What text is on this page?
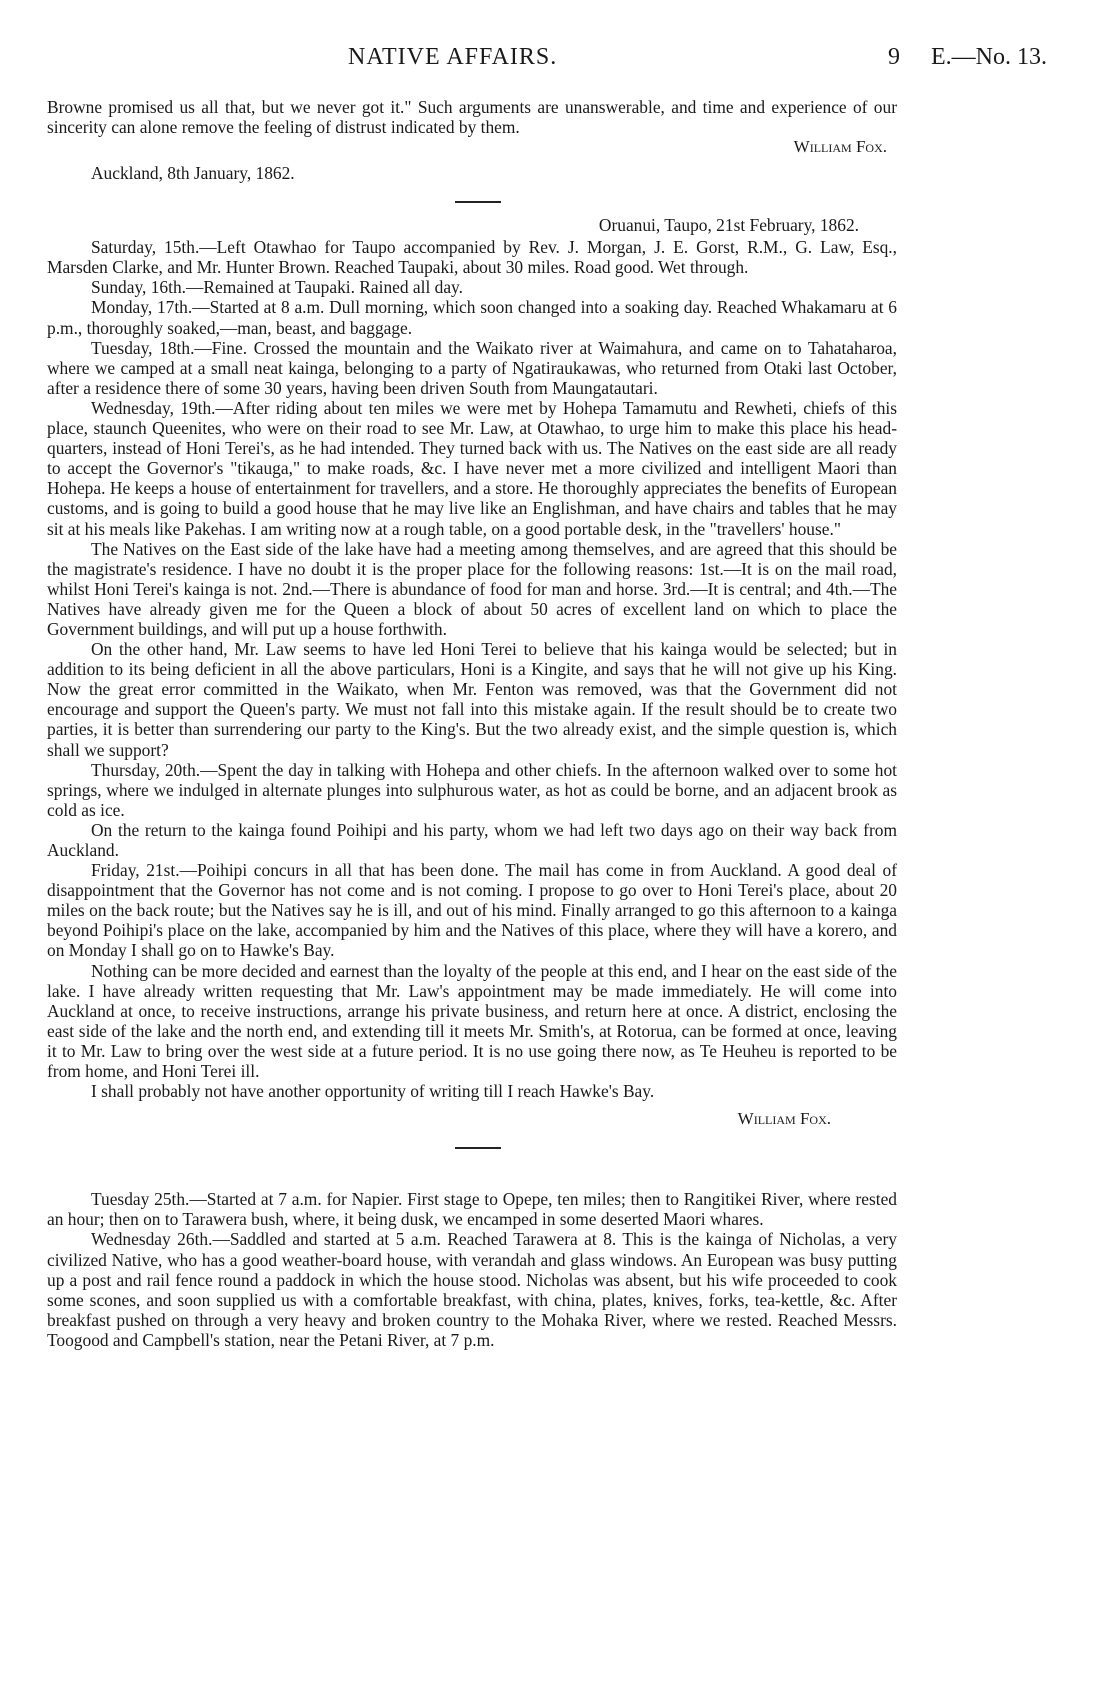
NATIVE AFFAIRS.	9 E.—No. 13.

Browne promised us all that, but we never got it." Such arguments are unanswerable, and time and experience of our sincerity can alone remove the feeling of distrust indicated by them.

William Fox.
Auckland, 8th January, 1862.
Oruanui, Taupo, 21st February, 1862.

Saturday, 15th.—Left Otawhao for Taupo accompanied by Rev. J. Morgan, J. E. Gorst, R.M., G. Law, Esq., Marsden Clarke, and Mr. Hunter Brown. Reached Taupaki, about 30 miles. Road good. Wet through.

Sunday, 16th.—Remained at Taupaki. Rained all day.

Monday, 17th.—Started at 8 a.m. Dull morning, which soon changed into a soaking day. Reached Whakamaru at 6 p.m., thoroughly soaked,—man, beast, and baggage.

Tuesday, 18th.—Fine. Crossed the mountain and the Waikato river at Waimahura, and came on to Tahataharoa, where we camped at a small neat kainga, belonging to a party of Ngatiraukawas, who returned from Otaki last October, after a residence there of some 30 years, having been driven South from Maungatautari.

Wednesday, 19th.—After riding about ten miles we were met by Hohepa Tamamutu and Rewheti, chiefs of this place, staunch Queenites, who were on their road to see Mr. Law, at Otawhao, to urge him to make this place his head-quarters, instead of Honi Terei's, as he had intended. They turned back with us. The Natives on the east side are all ready to accept the Governor's "tikauga," to make roads, &c. I have never met a more civilized and intelligent Maori than Hohepa. He keeps a house of entertainment for travellers, and a store. He thoroughly appreciates the benefits of European customs, and is going to build a good house that he may live like an Englishman, and have chairs and tables that he may sit at his meals like Pakehas. I am writing now at a rough table, on a good portable desk, in the "travellers' house."

The Natives on the East side of the lake have had a meeting among themselves, and are agreed that this should be the magistrate's residence. I have no doubt it is the proper place for the following reasons: 1st.—It is on the mail road, whilst Honi Terei's kainga is not. 2nd.—There is abundance of food for man and horse. 3rd.—It is central; and 4th.—The Natives have already given me for the Queen a block of about 50 acres of excellent land on which to place the Government buildings, and will put up a house forthwith.

On the other hand, Mr. Law seems to have led Honi Terei to believe that his kainga would be selected; but in addition to its being deficient in all the above particulars, Honi is a Kingite, and says that he will not give up his King. Now the great error committed in the Waikato, when Mr. Fenton was removed, was that the Government did not encourage and support the Queen's party. We must not fall into this mistake again. If the result should be to create two parties, it is better than surrendering our party to the King's. But the two already exist, and the simple question is, which shall we support?

Thursday, 20th.—Spent the day in talking with Hohepa and other chiefs. In the afternoon walked over to some hot springs, where we indulged in alternate plunges into sulphurous water, as hot as could be borne, and an adjacent brook as cold as ice.

On the return to the kainga found Poihipi and his party, whom we had left two days ago on their way back from Auckland.

Friday, 21st.—Poihipi concurs in all that has been done. The mail has come in from Auckland. A good deal of disappointment that the Governor has not come and is not coming. I propose to go over to Honi Terei's place, about 20 miles on the back route; but the Natives say he is ill, and out of his mind. Finally arranged to go this afternoon to a kainga beyond Poihipi's place on the lake, accompanied by him and the Natives of this place, where they will have a korero, and on Monday I shall go on to Hawke's Bay.

Nothing can be more decided and earnest than the loyalty of the people at this end, and I hear on the east side of the lake. I have already written requesting that Mr. Law's appointment may be made immediately. He will come into Auckland at once, to receive instructions, arrange his private business, and return here at once. A district, enclosing the east side of the lake and the north end, and extending till it meets Mr. Smith's, at Rotorua, can be formed at once, leaving it to Mr. Law to bring over the west side at a future period. It is no use going there now, as Te Heuheu is reported to be from home, and Honi Terei ill.

I shall probably not have another opportunity of writing till I reach Hawke's Bay.

William Fox.

Tuesday 25th.—Started at 7 a.m. for Napier. First stage to Opepe, ten miles; then to Rangitikei River, where rested an hour; then on to Tarawera bush, where, it being dusk, we encamped in some deserted Maori whares.

Wednesday 26th.—Saddled and started at 5 a.m. Reached Tarawera at 8. This is the kainga of Nicholas, a very civilized Native, who has a good weather-board house, with verandah and glass windows. An European was busy putting up a post and rail fence round a paddock in which the house stood. Nicholas was absent, but his wife proceeded to cook some scones, and soon supplied us with a comfortable breakfast, with china, plates, knives, forks, tea-kettle, &c. After breakfast pushed on through a very heavy and broken country to the Mohaka River, where we rested. Reached Messrs. Toogood and Campbell's station, near the Petani River, at 7 p.m.
